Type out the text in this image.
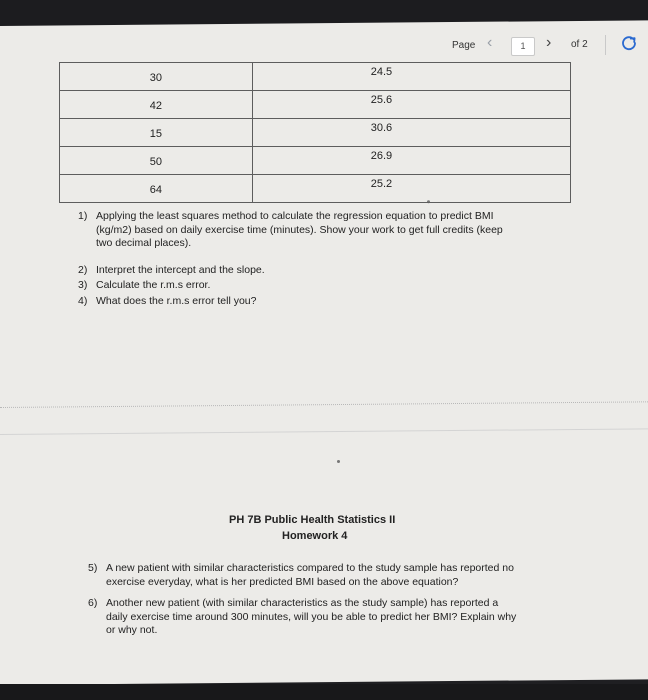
Page ‹	1	› of 2
30	24.5
42	25.6
15	30.6
50	26.9
64	25.2
1) Applying the least squares method to calculate the regression equation to predict BMI
(kg/m2) based on daily exercise time (minutes). Show your work to get full credits (keep
two decimal places).
2) Interpret the intercept and the slope.
3) Calculate the r.m.s error.
4) What does the r.m.s error tell you?
PH 7B Public Health Statistics II
Homework 4
5) A new patient with similar characteristics compared to the study sample has reported no
exercise everyday, what is her predicted BMI based on the above equation?
6) Another new patient (with similar characteristics as the study sample) has reported a
daily exercise time around 300 minutes, will you be able to predict her BMI? Explain why
or why not.
